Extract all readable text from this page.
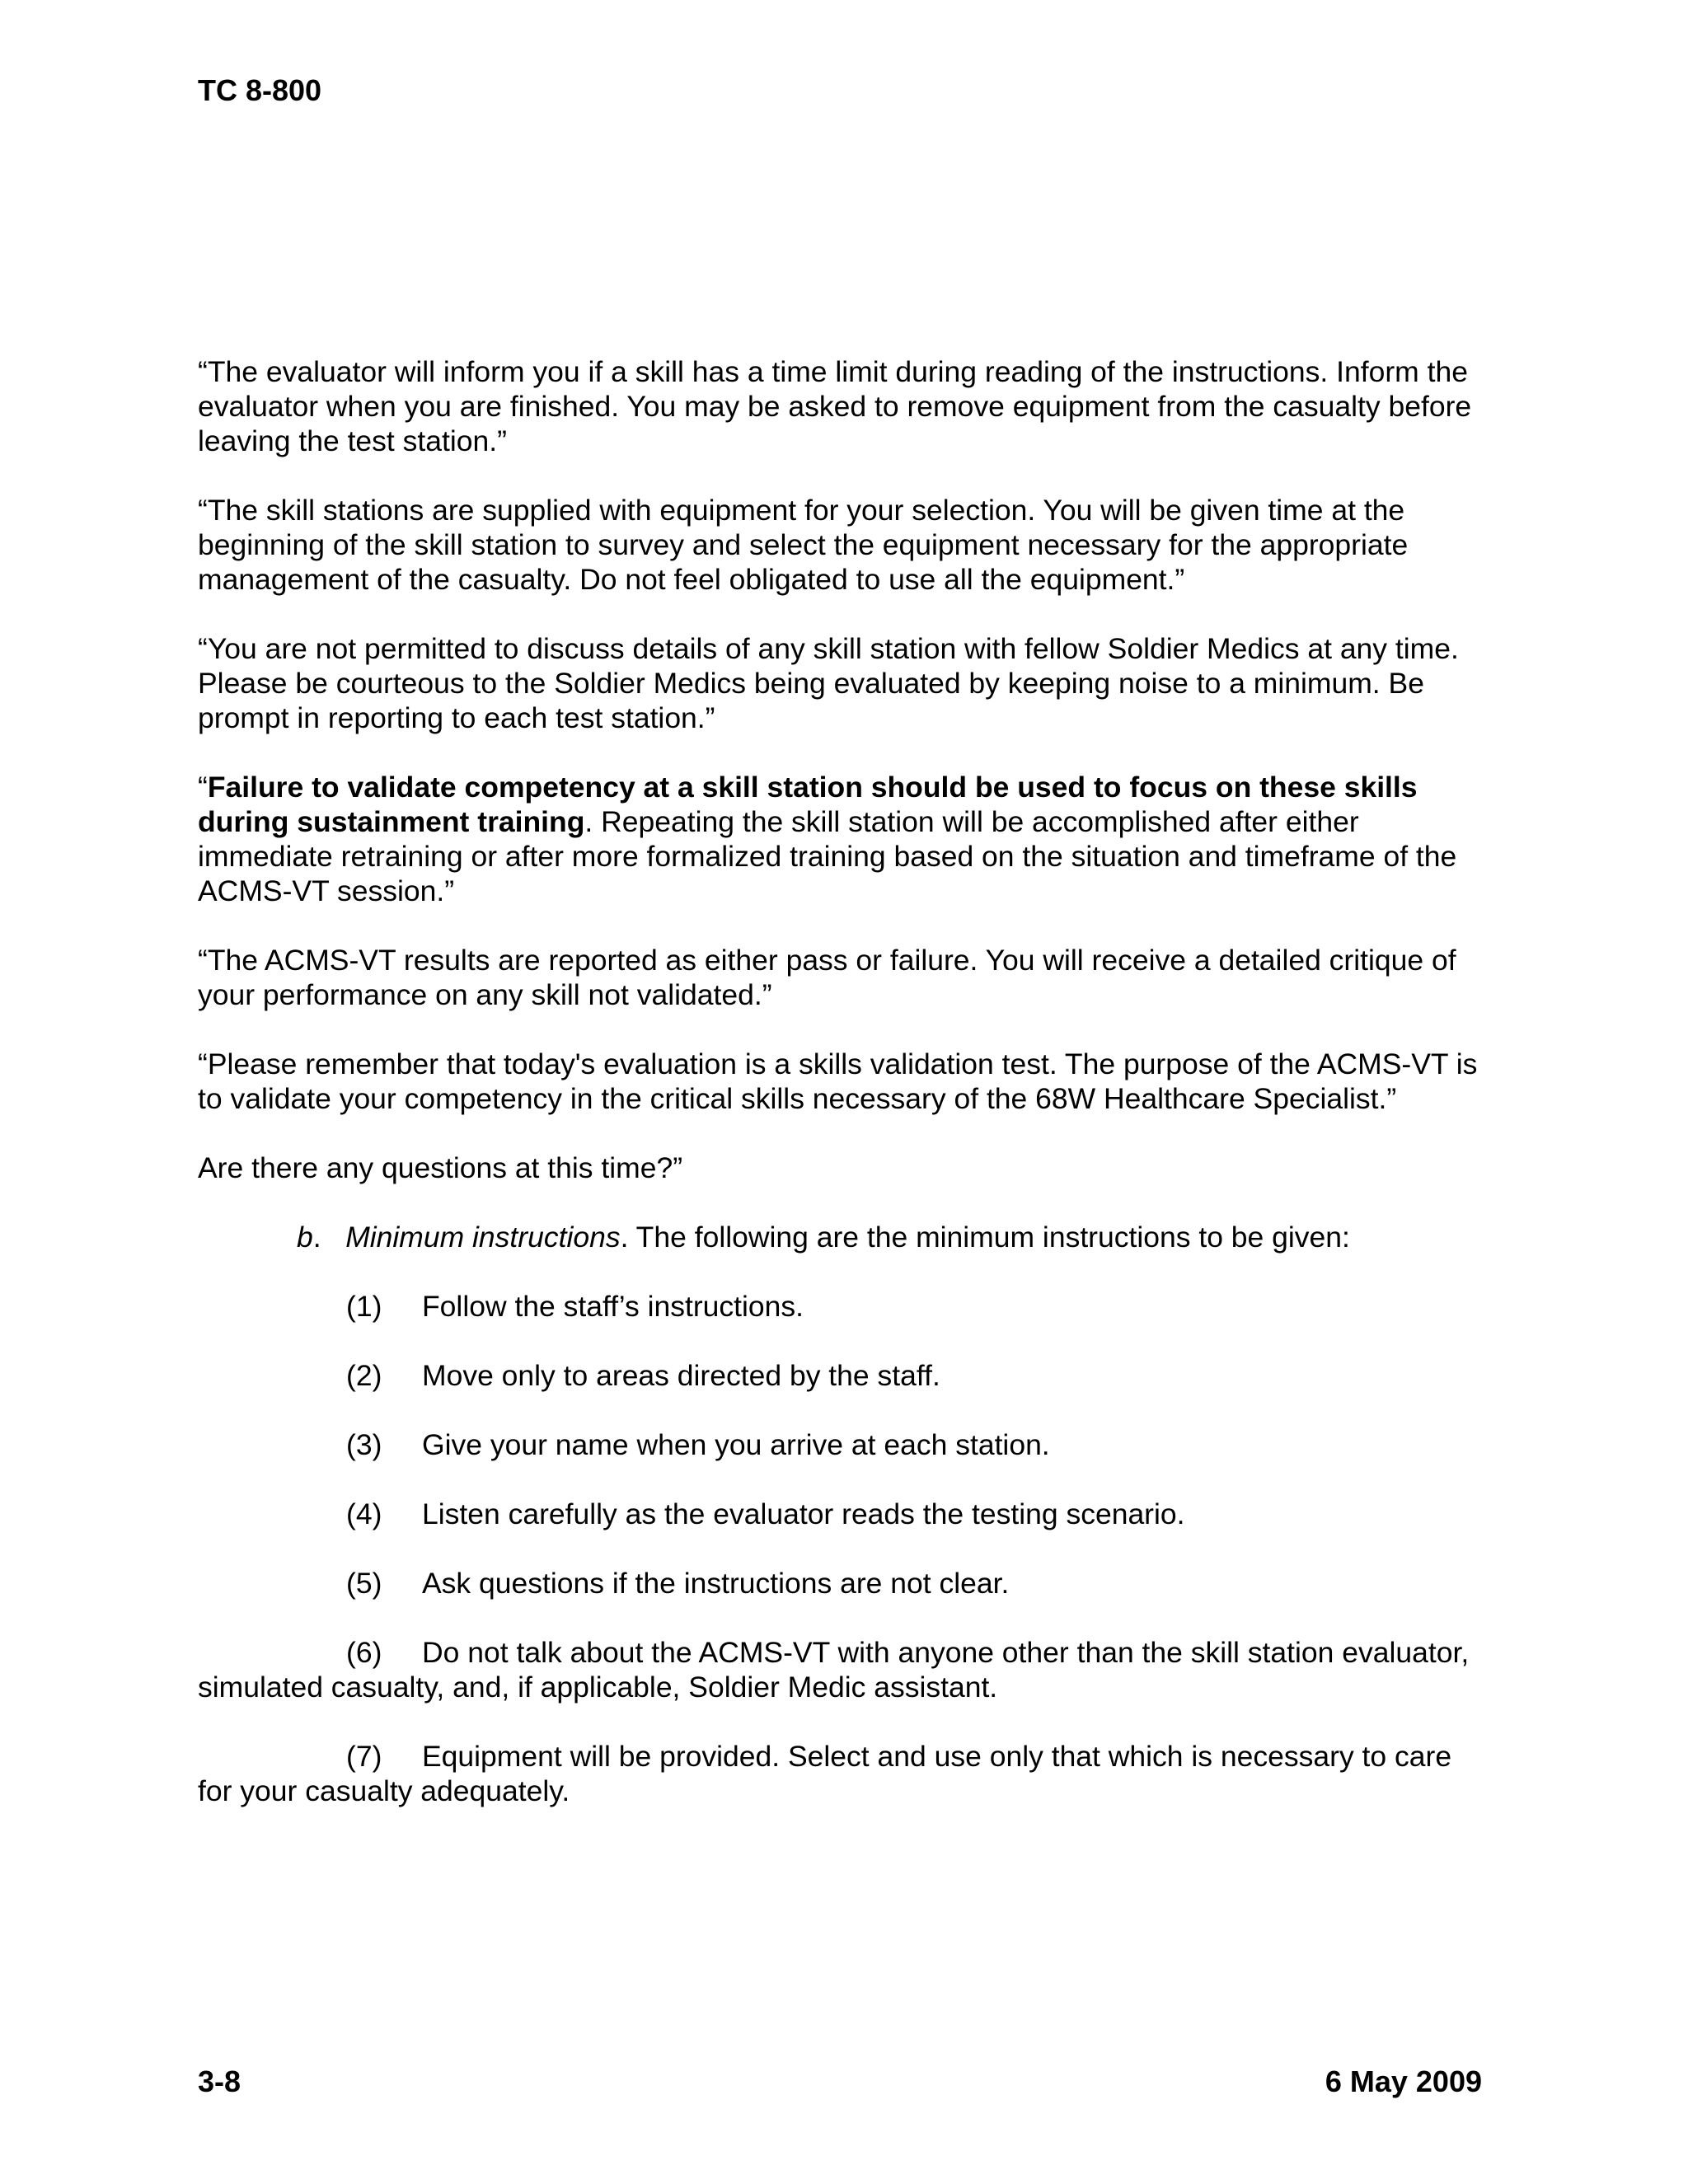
TC 8-800

“The evaluator will inform you if a skill has a time limit during reading of the instructions. Inform the evaluator when you are finished. You may be asked to remove equipment from the casualty before leaving the test station.”

“The skill stations are supplied with equipment for your selection. You will be given time at the beginning of the skill station to survey and select the equipment necessary for the appropriate management of the casualty. Do not feel obligated to use all the equipment.”

“You are not permitted to discuss details of any skill station with fellow Soldier Medics at any time. Please be courteous to the Soldier Medics being evaluated by keeping noise to a minimum. Be prompt in reporting to each test station.”

“Failure to validate competency at a skill station should be used to focus on these skills during sustainment training. Repeating the skill station will be accomplished after either immediate retraining or after more formalized training based on the situation and timeframe of the ACMS-VT session.”

“The ACMS-VT results are reported as either pass or failure. You will receive a detailed critique of your performance on any skill not validated.”

“Please remember that today's evaluation is a skills validation test. The purpose of the ACMS-VT is to validate your competency in the critical skills necessary of the 68W Healthcare Specialist.”

Are there any questions at this time?”

b.   Minimum instructions. The following are the minimum instructions to be given:

(1) Follow the staff’s instructions.

(2) Move only to areas directed by the staff.

(3) Give your name when you arrive at each station.

(4) Listen carefully as the evaluator reads the testing scenario.

(5) Ask questions if the instructions are not clear.

(6) Do not talk about the ACMS-VT with anyone other than the skill station evaluator, simulated casualty, and, if applicable, Soldier Medic assistant.

(7) Equipment will be provided. Select and use only that which is necessary to care for your casualty adequately.

3-8	6 May 2009
